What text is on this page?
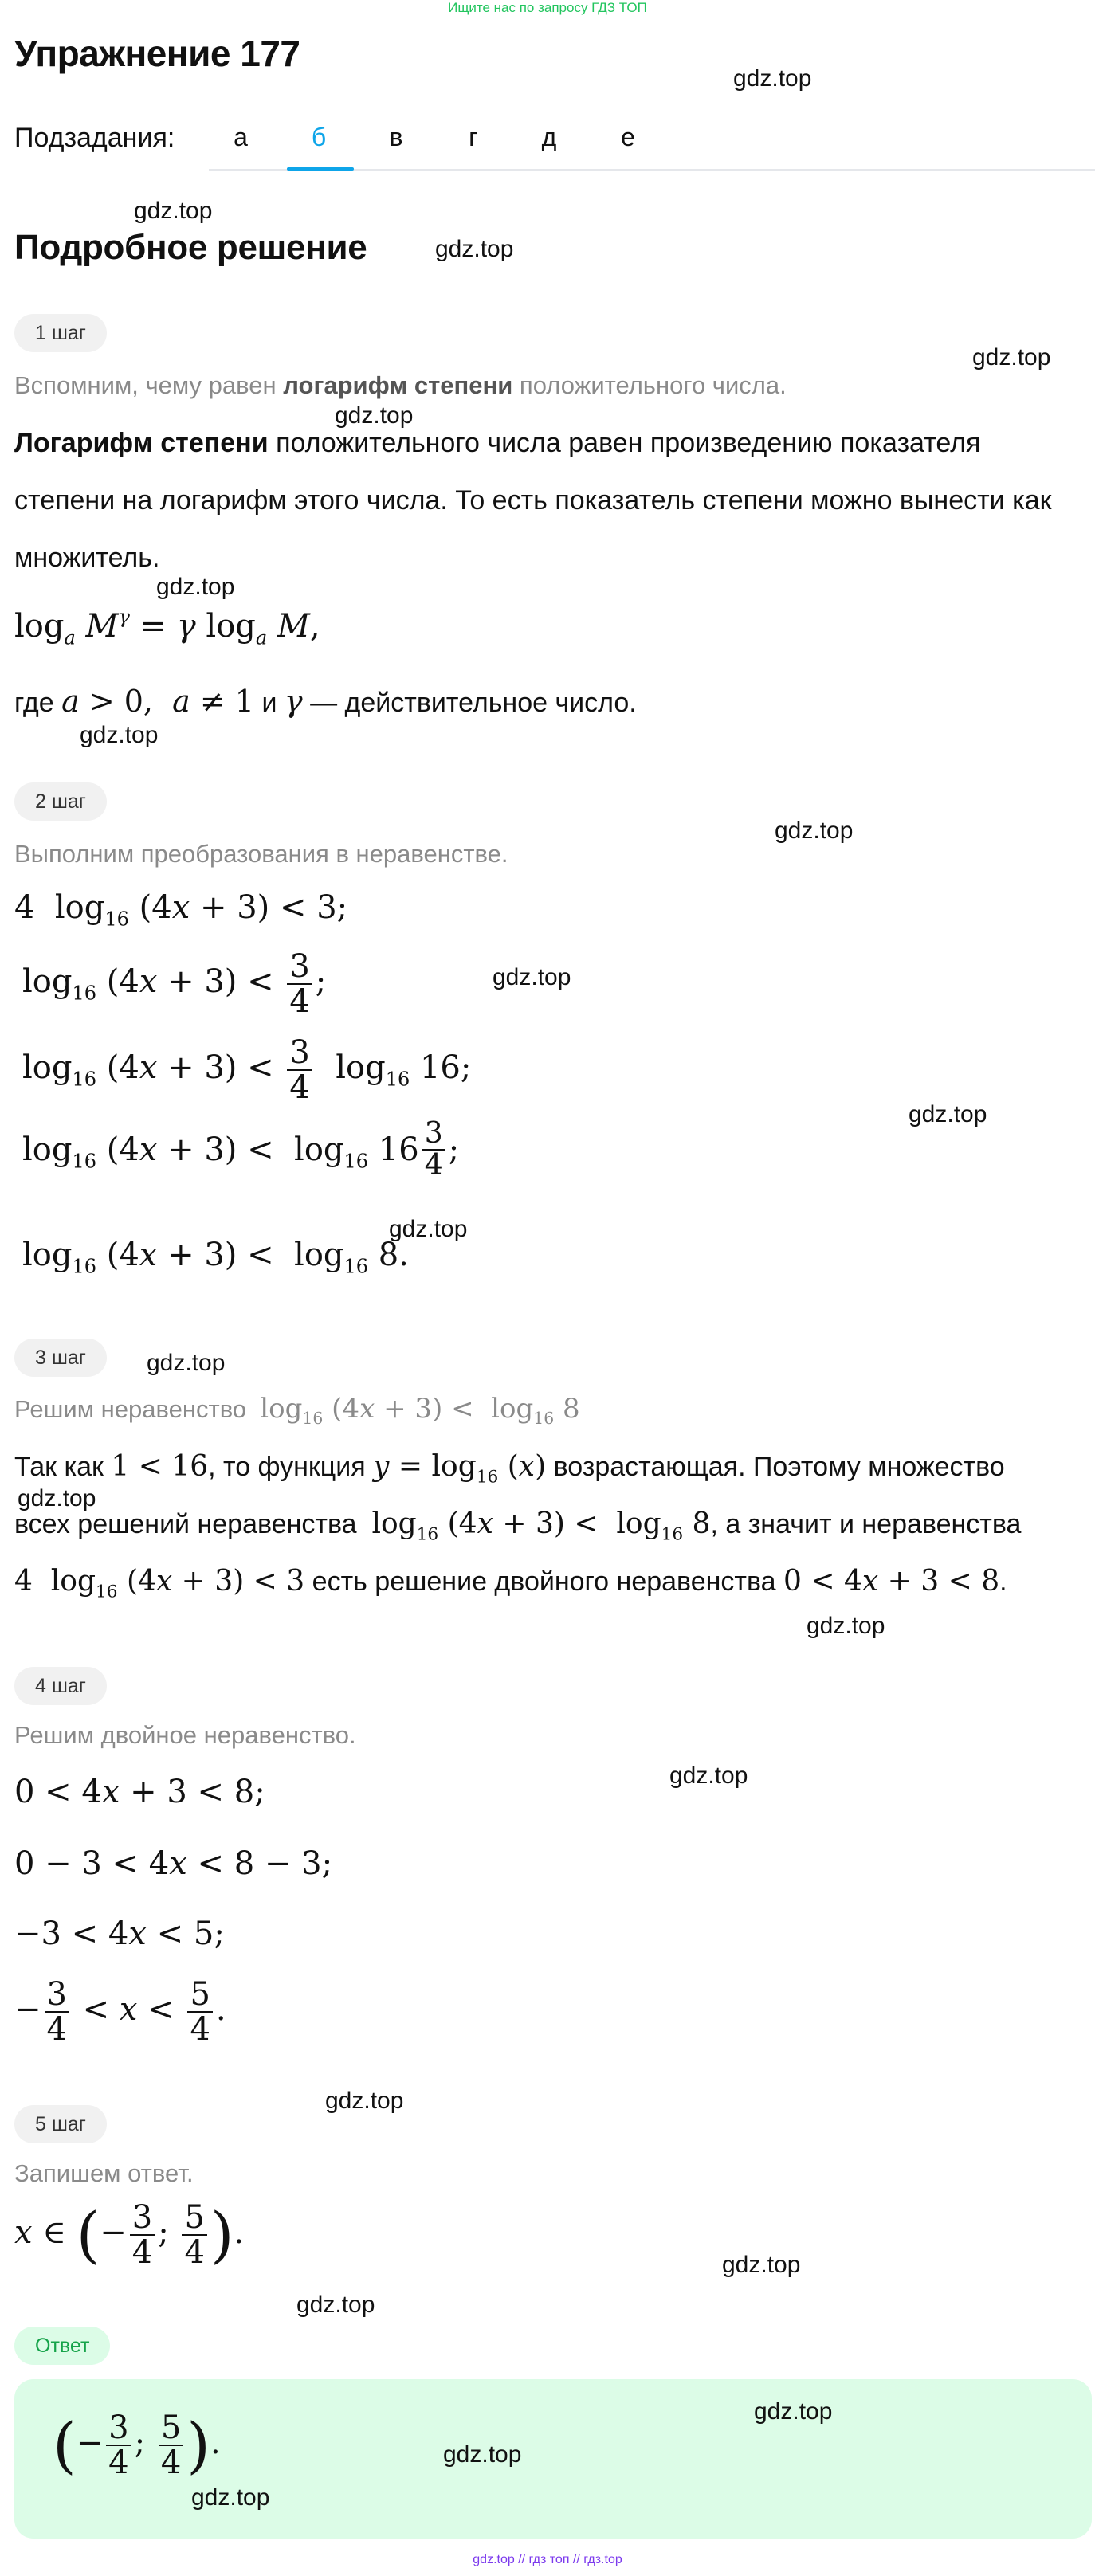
Ищите нас по запросу ГДЗ ТОП
Упражнение 177
gdz.top
Подзадания:	а	б	в	г	д	е
gdz.top
Подробное решение	gdz.top
1 шаг
gdz.top
Вспомним, чему равен логарифм степени положительного числа.
gdz.top
Логарифм степени положительного числа равен произведению показателя степени на логарифм этого числа. То есть показатель степени можно вынести как множитель.
gdz.top
$\log_a M^\gamma = \gamma$ $\log_a M$,
где a > 0,  a ≠ 1 и γ — действительное число.
gdz.top
2 шаг
gdz.top
Выполним преобразования в неравенстве.
4  $\log_{16} (4x + 3) < 3$;
$\log_{16} (4x + 3) < \frac{3}{4}$ ;	gdz.top
$\log_{16} (4x + 3) < \frac{3}{4} \log_{16} 16$;
gdz.top
$\log_{16} (4x + 3) < \log_{16} 16 \frac{3}{4}$ ;
gdz.top
$\log_{16} (4x + 3) < \log_{16} 8$.
3 шаг	gdz.top
Решим неравенство $\log_{16} (4x + 3) < \log_{16} 8$
Так как 1 < 16, то функция $y = \log_{16} (x)$ возрастающая. Поэтому множество
gdz.top
всех решений неравенства $\log_{16} (4x + 3) < \log_{16} 8$, а значит и неравенства
4  $\log_{16} (4x + 3) < 3$ есть решение двойного неравенства 0 < 4x + 3 < 8.
gdz.top
4 шаг
Решим двойное неравенство.
gdz.top
0 < 4x + 3 < 8;
0 − 3 < 4x < 8 − 3;
−3 < 4x < 5;
− $\frac{3}{4} < x < \frac{5}{4}$ .
gdz.top
5 шаг
Запишем ответ.
x ∈ (− $\frac{3}{4}$ ; $\frac{5}{4}$ ).
gdz.top
gdz.top
Ответ
gdz.top
(− $\frac{3}{4}$ ; $\frac{5}{4}$ ).	gdz.top
gdz.top
gdz.top // гдз топ // гдз.top
